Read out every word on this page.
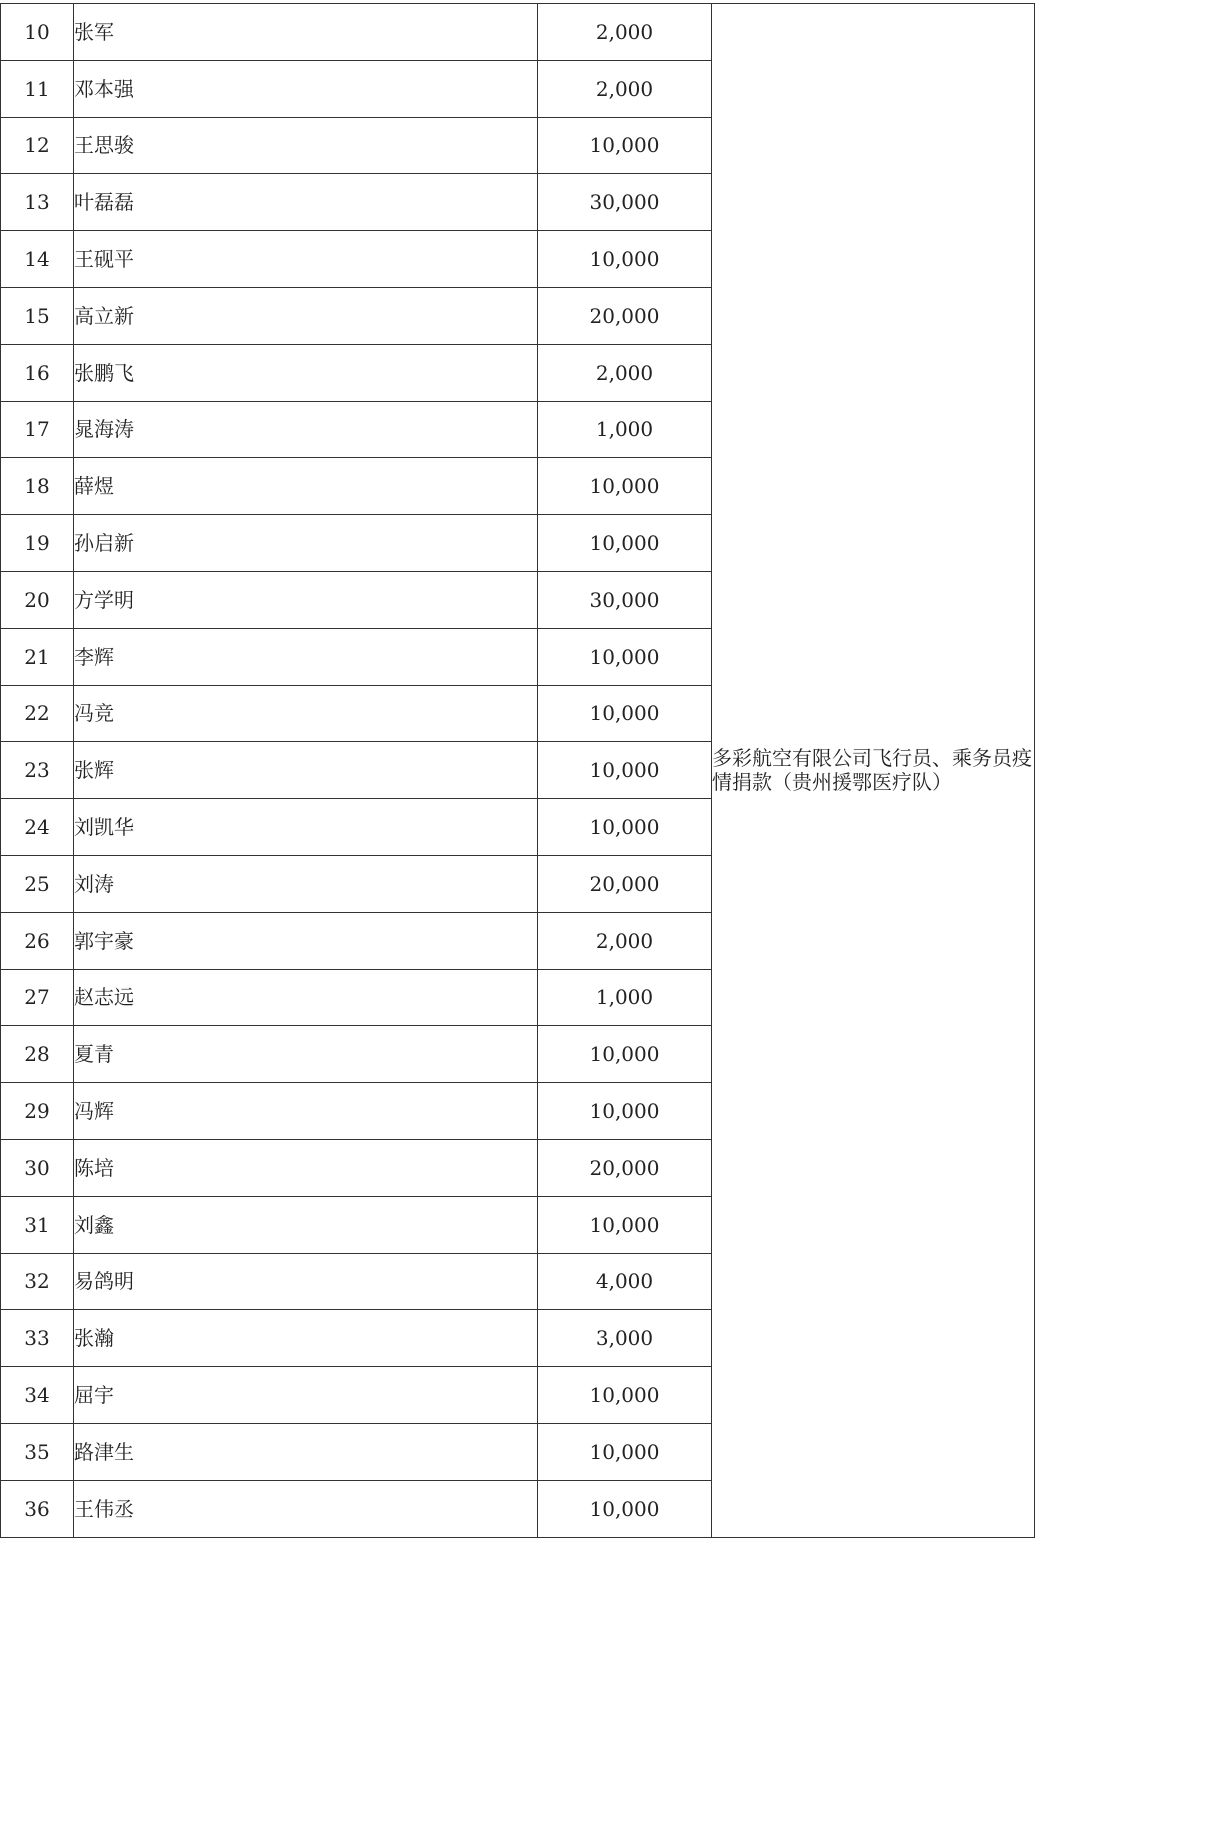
10	张军	2,000	多彩航空有限公司飞行员、乘务员疫情捐款（贵州援鄂医疗队）
11	邓本强	2,000	
12	王思骏	10,000	
13	叶磊磊	30,000	
14	王砚平	10,000	
15	高立新	20,000	
16	张鹏飞	2,000	
17	晁海涛	1,000	
18	薛煜	10,000	
19	孙启新	10,000	
20	方学明	30,000	
21	李辉	10,000	
22	冯竞	10,000	
23	张辉	10,000	
24	刘凯华	10,000	
25	刘涛	20,000	
26	郭宇豪	2,000	
27	赵志远	1,000	
28	夏青	10,000	
29	冯辉	10,000	
30	陈培	20,000	
31	刘鑫	10,000	
32	易鸽明	4,000	
33	张瀚	3,000	
34	屈宇	10,000	
35	路津生	10,000	
36	王伟丞	10,000	
